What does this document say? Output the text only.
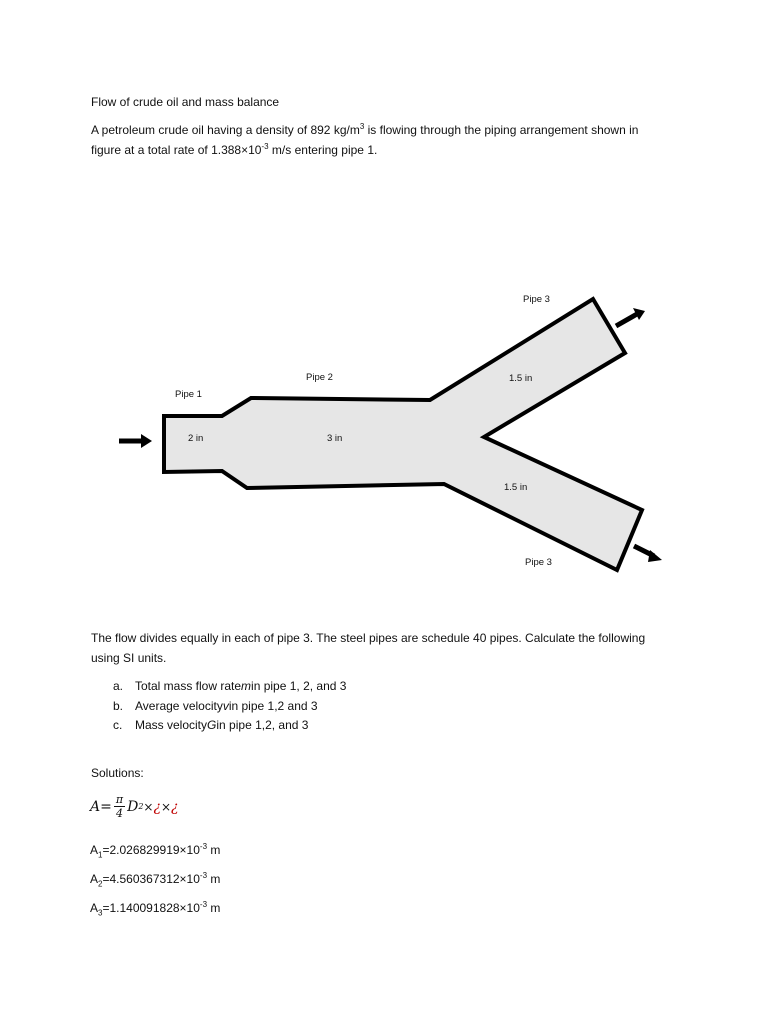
Flow of crude oil and mass balance
A petroleum crude oil having a density of 892 $kg/m^3$ is flowing through the piping arrangement shown in
figure at a total rate of $1.388\times 10^{-3}$ m/s entering pipe 1.
Pipe 1
2 in
Pipe 2
3 in
Pipe 3
1.5 in
1.5 in
Pipe 3
The flow divides equally in each of pipe 3. The steel pipes are schedule 40 pipes. Calculate the following
using SI units.
a. Total mass flow rate m in pipe 1, 2, and 3
b. Average velocity v in pipe 1,2 and 3
c.	Mass velocity G in pipe 1,2, and 3
Solutions:
$A= \frac{\pi}{4}$ D 2 × ¿ × ¿
$A_1=2.026829919\times 10^{-3}$ m
$A_2=4.560367312\times 10^{-3}$ m
$A_3=1.140091828\times 10^{-3}$ m
